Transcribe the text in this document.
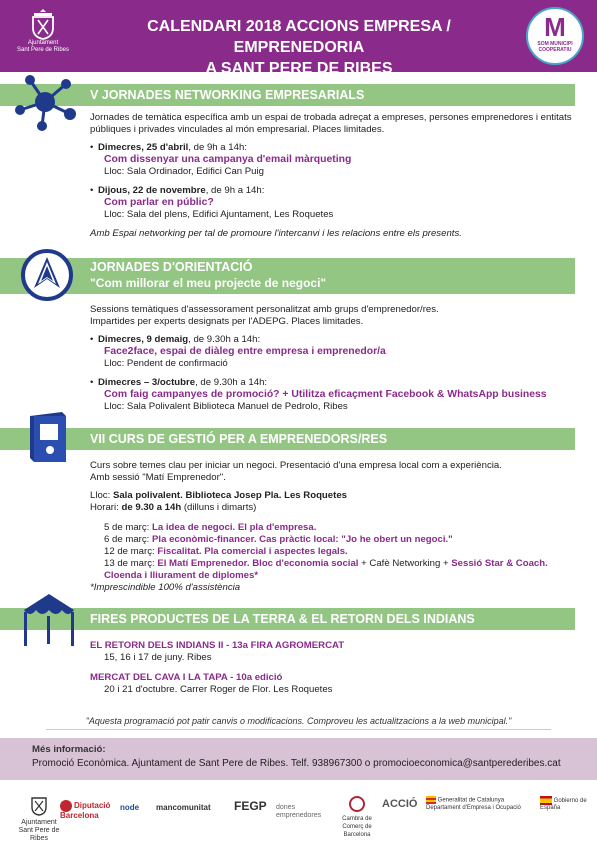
Ajuntament
Sant Pere de Ribes
CALENDARI 2018 ACCIONS EMPRESA / EMPRENEDORIA
A SANT PERE DE RIBES
M
SOM MUNICIPI
COOPERATIU
V JORNADES NETWORKING EMPRESARIALS

Jornades de temàtica específica amb un espai de trobada adreçat a empreses, persones emprenedores i entitats públiques i privades vinculades al món empresarial. Places limitades.

• Dimecres, 25 d'abril, de 9h a 14h:
Com dissenyar una campanya d'email màrqueting
Lloc: Sala Ordinador, Edifici Can Puig
• Dijous, 22 de novembre, de 9h a 14h:
Com parlar en públic?
Lloc: Sala del plens, Edifici Ajuntament, Les Roquetes

Amb Espai networking per tal de promoure l'intercanvi i les relacions entre els presents.

JORNADES D'ORIENTACIÓ
"Com millorar el meu projecte de negoci"

Sessions temàtiques d'assessorament personalitzat amb grups d'emprenedor/res.
Impartides per experts designats per l'ADEPG. Places limitades.

• Dimecres, 9 demaig, de 9.30h a 14h:
Face2face, espai de diàleg entre empresa i emprenedor/a
Lloc: Pendent de confirmació
• Dimecres – 3/octubre, de 9.30h a 14h:
Com faig campanyes de promoció? + Utilitza eficaçment Facebook & WhatsApp business
Lloc: Sala Polivalent Biblioteca Manuel de Pedrolo, Ribes
VII CURS DE GESTIÓ PER A EMPRENEDORS/RES

Curs sobre temes clau per iniciar un negoci. Presentació d'una empresa local com a experiència.
Amb sessió "Matí Emprenedor".

Lloc: Sala polivalent. Biblioteca Josep Pla. Les Roquetes
Horari: de 9.30 a 14h (dilluns i dimarts)

5 de març: La idea de negoci. El pla d'empresa.
6 de març: Pla econòmic-financer. Cas pràctic local: "Jo he obert un negoci."
12 de març: Fiscalitat. Pla comercial i aspectes legals.
13 de març: El Matí Emprenedor. Bloc d'economia social + Cafè Networking + Sessió Star & Coach.
Cloenda i lliurament de diplomes*
*Imprescindible 100% d'assistència
FIRES PRODUCTES DE LA TERRA & EL RETORN DELS INDIANS
EL RETORN DELS INDIANS II - 13a FIRA AGROMERCAT
15, 16 i 17 de juny. Ribes
MERCAT DEL CAVA I LA TAPA - 10a edició
20 i 21 d'octubre. Carrer Roger de Flor. Les Roquetes
"Aquesta programació pot patir canvis o modificacions. Comproveu les actualitzacions a la web municipal."
Més informació:
Promoció Econòmica. Ajuntament de Sant Pere de Ribes. Telf. 938967300 o promocioeconomica@santperederibes.cat
Ajuntament Sant Pere de Ribes
Diputació Barcelona
node mancomunitat FEGP dones emprenedores	Cambra de Comerç de Barcelona
ACCIÓ	Generalitat de Catalunya Departament d'Empresa i Ocupació
Gobierno de España
